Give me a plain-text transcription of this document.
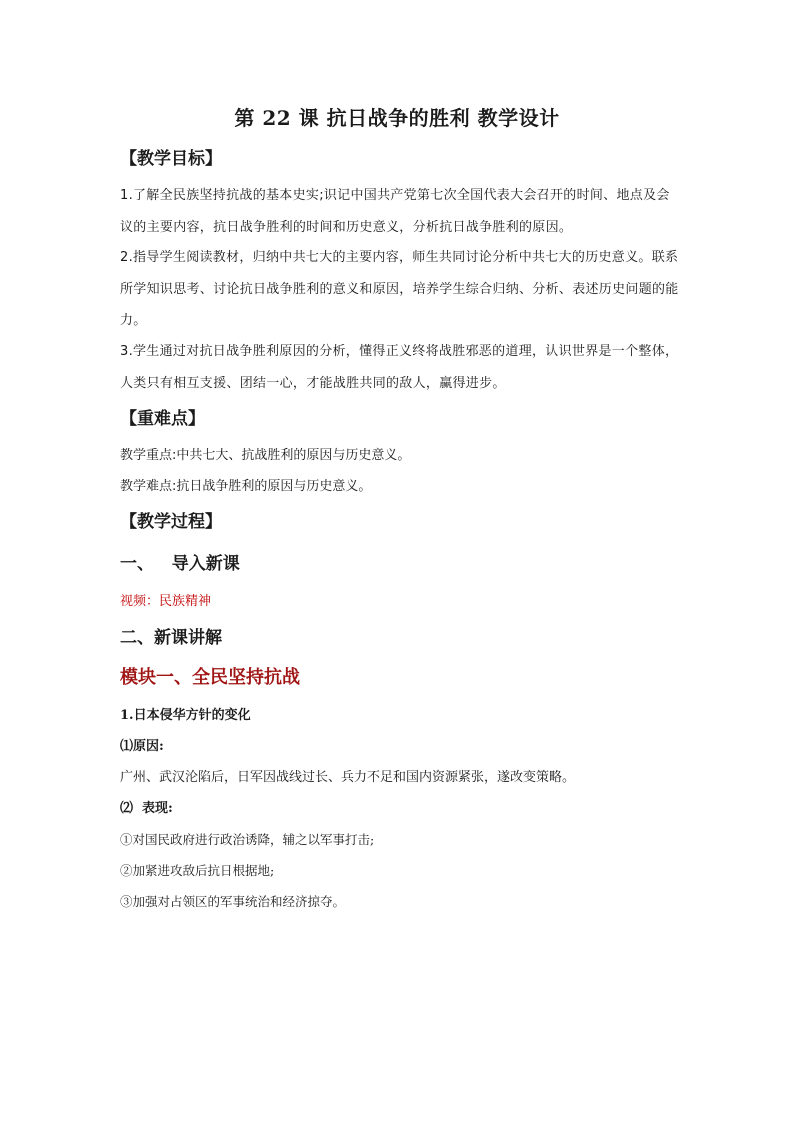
第 22 课 抗日战争的胜利 教学设计
【教学目标】
1.了解全民族坚持抗战的基本史实;识记中国共产党第七次全国代表大会召开的时间、地点及会议的主要内容，抗日战争胜利的时间和历史意义，分析抗日战争胜利的原因。
2.指导学生阅读教材，归纳中共七大的主要内容，师生共同讨论分析中共七大的历史意义。联系所学知识思考、讨论抗日战争胜利的意义和原因，培养学生综合归纳、分析、表述历史问题的能力。
3.学生通过对抗日战争胜利原因的分析，懂得正义终将战胜邪恶的道理，认识世界是一个整体，人类只有相互支援、团结一心，才能战胜共同的敌人，赢得进步。
【重难点】
教学重点:中共七大、抗战胜利的原因与历史意义。
教学难点:抗日战争胜利的原因与历史意义。
【教学过程】
一、   导入新课
视频：民族精神
二、新课讲解
模块一、全民坚持抗战
1.日本侵华方针的变化
⑴原因:
广州、武汉沦陷后，日军因战线过长、兵力不足和国内资源紧张，遂改变策略。
⑵  表现:
①对国民政府进行政治诱降，辅之以军事打击;
②加紧进攻敌后抗日根据地;
③加强对占领区的军事统治和经济掠夺。
